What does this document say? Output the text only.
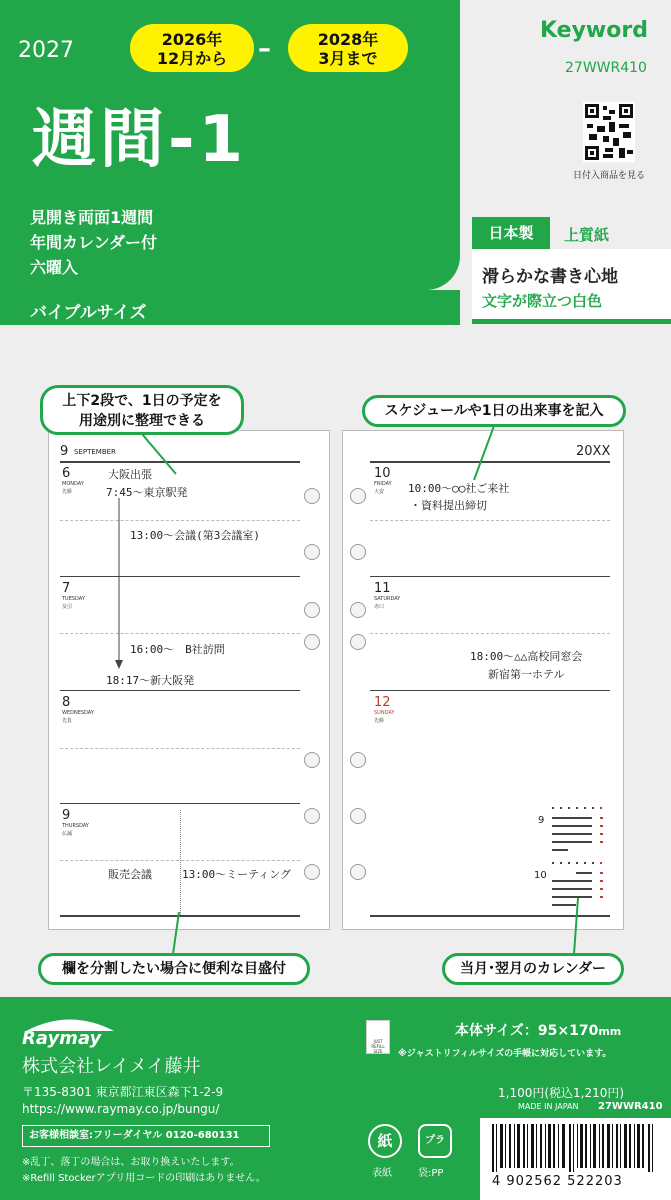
2027	2026年
12月から	–	2028年
3月まで
週間-1
見開き両面1週間
年間カレンダー付
六曜入
バイブルサイズ
Keyword
27WWR410
日付入商品を見る
日本製	上質紙
滑らかな書き心地
文字が際立つ白色
9 SEPTEMBER
6
MONDAY
先勝
7
TUESDAY
友引
8
WEDNESDAY
先負
9
THURSDAY
仏滅
大阪出張
7:45〜東京駅発
13:00〜会議(第3会議室)
16:00〜　B社訪問
18:17〜新大阪発
販売会議	13:00〜ミーティング
20XX
10
FRIDAY
大安
11
SATURDAY
赤口
12
SUNDAY
先勝
10:00〜◯◯社ご来社
・資料提出締切
18:00〜△△高校同窓会
新宿第一ホテル
9
10
上下2段で、1日の予定を
用途別に整理できる
スケジュールや1日の出来事を記入
欄を分割したい場合に便利な目盛付	当月･翌月のカレンダー
Raymay
株式会社レイメイ藤井
〒135-8301 東京都江東区森下1-2-9
https://www.raymay.co.jp/bungu/
お客様相談室:フリーダイヤル 0120-680131
※乱丁、落丁の場合は、お取り換えいたします。
※Refill Stockerアプリ用コードの印刷はありません。
JUST
REFILL
SIZE
本体サイズ：95×170mm
※ジャストリフィルサイズの手帳に対応しています。
1,100円(税込1,210円)
MADE IN JAPAN 27WWR410
紙
表紙
プラ
袋:PP
4 902562 522203
